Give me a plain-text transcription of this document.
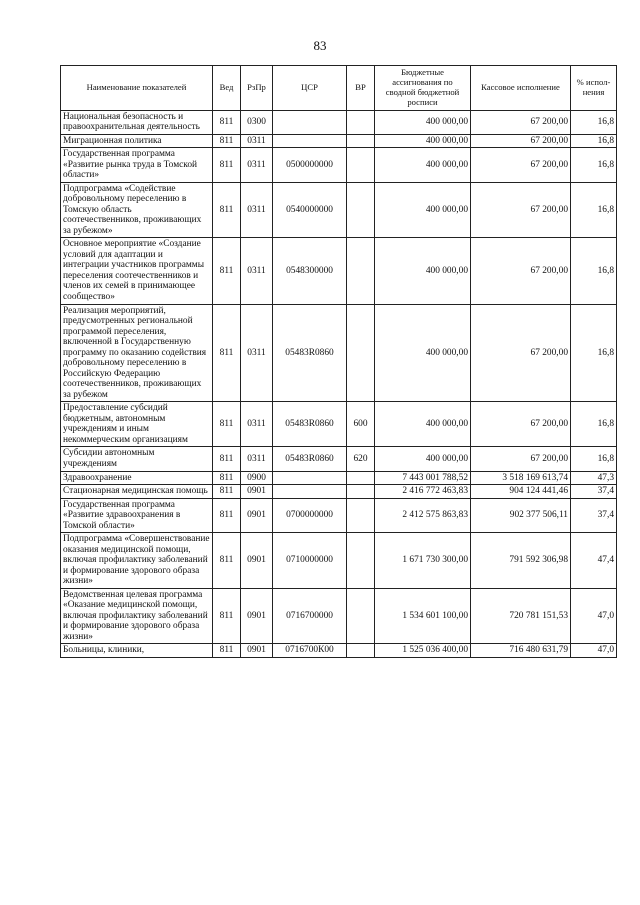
83
Наименование показателей	Вед	РзПр	ЦСР	ВР	Бюджетные ассигнования по сводной бюджетной росписи	Кассовое исполнение	% испол- нения
Национальная безопасность и правоохранительная деятельность	811	0300			400 000,00	67 200,00	16,8
Миграционная политика	811	0311			400 000,00	67 200,00	16,8
Государственная программа «Развитие рынка труда в Томской области»	811	0311	0500000000		400 000,00	67 200,00	16,8
Подпрограмма «Содействие добровольному переселению в Томскую область соотечественников, проживающих за рубежом»	811	0311	0540000000		400 000,00	67 200,00	16,8
Основное мероприятие «Создание условий для адаптации и интеграции участников программы переселения соотечественников и членов их семей в принимающее сообщество»	811	0311	0548300000		400 000,00	67 200,00	16,8
Реализация мероприятий, предусмотренных региональной программой переселения, включенной в Государственную программу по оказанию содействия добровольному переселению в Российскую Федерацию соотечественников, проживающих за рубежом	811	0311	05483R0860		400 000,00	67 200,00	16,8
Предоставление субсидий бюджетным, автономным учреждениям и иным некоммерческим организациям	811	0311	05483R0860	600	400 000,00	67 200,00	16,8
Субсидии автономным учреждениям	811	0311	05483R0860	620	400 000,00	67 200,00	16,8
Здравоохранение	811	0900			7 443 001 788,52	3 518 169 613,74	47,3
Стационарная медицинская помощь	811	0901			2 416 772 463,83	904 124 441,46	37,4
Государственная программа «Развитие здравоохранения в Томской области»	811	0901	0700000000		2 412 575 863,83	902 377 506,11	37,4
Подпрограмма «Совершенствование оказания медицинской помощи, включая профилактику заболеваний и формирование здорового образа жизни»	811	0901	0710000000		1 671 730 300,00	791 592 306,98	47,4
Ведомственная целевая программа «Оказание медицинской помощи, включая профилактику заболеваний и формирование здорового образа жизни»	811	0901	0716700000		1 534 601 100,00	720 781 151,53	47,0
Больницы, клиники,	811	0901	0716700К00		1 525 036 400,00	716 480 631,79	47,0
